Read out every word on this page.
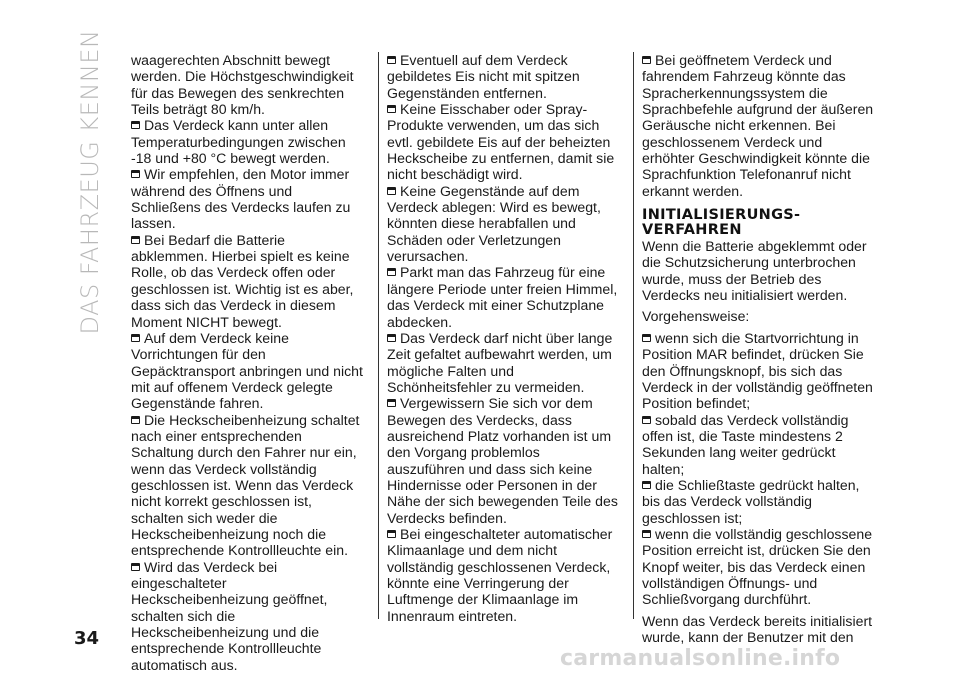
DAS FAHRZEUG KENNEN waagerechten Abschnitt bewegt werden. Die Höchstgeschwindigkeit für das Bewegen des senkrechten Teils beträgt 80 km/h.

Das Verdeck kann unter allen Temperaturbedingungen zwischen -18 und +80 °C bewegt werden.

Wir empfehlen, den Motor immer während des Öffnens und Schließens des Verdecks laufen zu lassen.

Bei Bedarf die Batterie abklemmen. Hierbei spielt es keine Rolle, ob das Verdeck offen oder geschlossen ist. Wichtig ist es aber, dass sich das Verdeck in diesem Moment NICHT bewegt.

Auf dem Verdeck keine Vorrichtungen für den Gepäcktransport anbringen und nicht mit auf offenem Verdeck gelegte Gegenstände fahren.

Die Heckscheibenheizung schaltet nach einer entsprechenden Schaltung durch den Fahrer nur ein, wenn das Verdeck vollständig geschlossen ist. Wenn das Verdeck nicht korrekt geschlossen ist, schalten sich weder die Heckscheibenheizung noch die entsprechende Kontrollleuchte ein.

Wird das Verdeck bei eingeschalteter Heckscheibenheizung geöffnet, schalten sich die Heckscheibenheizung und die entsprechende Kontrollleuchte automatisch aus.

Eventuell auf dem Verdeck gebildetes Eis nicht mit spitzen Gegenständen entfernen.

Keine Eisschaber oder Spray-Produkte verwenden, um das sich evtl. gebildete Eis auf der beheizten Heckscheibe zu entfernen, damit sie nicht beschädigt wird.

Keine Gegenstände auf dem Verdeck ablegen: Wird es bewegt, könnten diese herabfallen und Schäden oder Verletzungen verursachen.

Parkt man das Fahrzeug für eine längere Periode unter freien Himmel, das Verdeck mit einer Schutzplane abdecken.

Das Verdeck darf nicht über lange Zeit gefaltet aufbewahrt werden, um mögliche Falten und Schönheitsfehler zu vermeiden.

Vergewissern Sie sich vor dem Bewegen des Verdecks, dass ausreichend Platz vorhanden ist um den Vorgang problemlos auszuführen und dass sich keine Hindernisse oder Personen in der Nähe der sich bewegenden Teile des Verdecks befinden.

Bei eingeschalteter automatischer Klimaanlage und dem nicht vollständig geschlossenen Verdeck, könnte eine Verringerung der Luftmenge der Klimaanlage im Innenraum eintreten.

Bei geöffnetem Verdeck und fahrendem Fahrzeug könnte das Spracherkennungssystem die Sprachbefehle aufgrund der äußeren Geräusche nicht erkennen. Bei geschlossenem Verdeck und erhöhter Geschwindigkeit könnte die Sprachfunktion Telefonanruf nicht erkannt werden.

INITIALISIERUNGS-VERFAHREN

Wenn die Batterie abgeklemmt oder die Schutzsicherung unterbrochen wurde, muss der Betrieb des Verdecks neu initialisiert werden.

Vorgehensweise:

wenn sich die Startvorrichtung in Position MAR befindet, drücken Sie den Öffnungsknopf, bis sich das Verdeck in der vollständig geöffneten Position befindet;

sobald das Verdeck vollständig offen ist, die Taste mindestens 2 Sekunden lang weiter gedrückt halten;

die Schließtaste gedrückt halten, bis das Verdeck vollständig geschlossen ist;

wenn die vollständig geschlossene Position erreicht ist, drücken Sie den Knopf weiter, bis das Verdeck einen vollständigen Öffnungs- und Schließvorgang durchführt.

Wenn das Verdeck bereits initialisiert wurde, kann der Benutzer mit den

34
carmanualsonline.info
